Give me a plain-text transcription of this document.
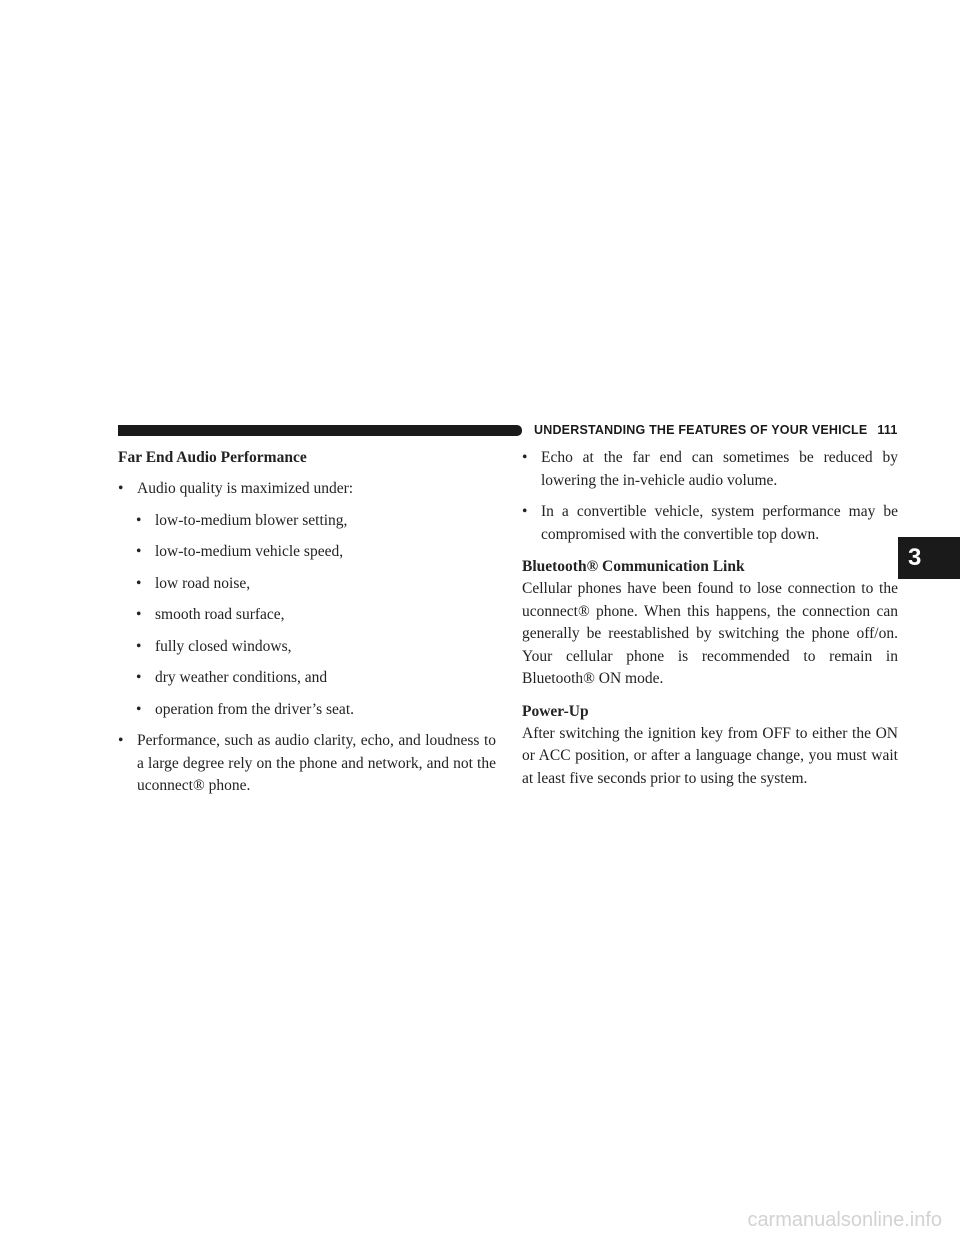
UNDERSTANDING THE FEATURES OF YOUR VEHICLE 111

Far End Audio Performance

• Audio quality is maximized under:
• low-to-medium blower setting,
• low-to-medium vehicle speed,
• low road noise,
• smooth road surface,
• fully closed windows,
• dry weather conditions, and
• operation from the driver’s seat.
• Performance, such as audio clarity, echo, and loudness to a large degree rely on the phone and network, and not the uconnect® phone.
• Echo at the far end can sometimes be reduced by lowering the in-vehicle audio volume.
• In a convertible vehicle, system performance may be compromised with the convertible top down.

Bluetooth® Communication Link

Cellular phones have been found to lose connection to the uconnect® phone. When this happens, the connection can generally be reestablished by switching the phone off/on. Your cellular phone is recommended to remain in Bluetooth® ON mode.

Power-Up

After switching the ignition key from OFF to either the ON or ACC position, or after a language change, you must wait at least five seconds prior to using the system.

3
carmanualsonline.info
